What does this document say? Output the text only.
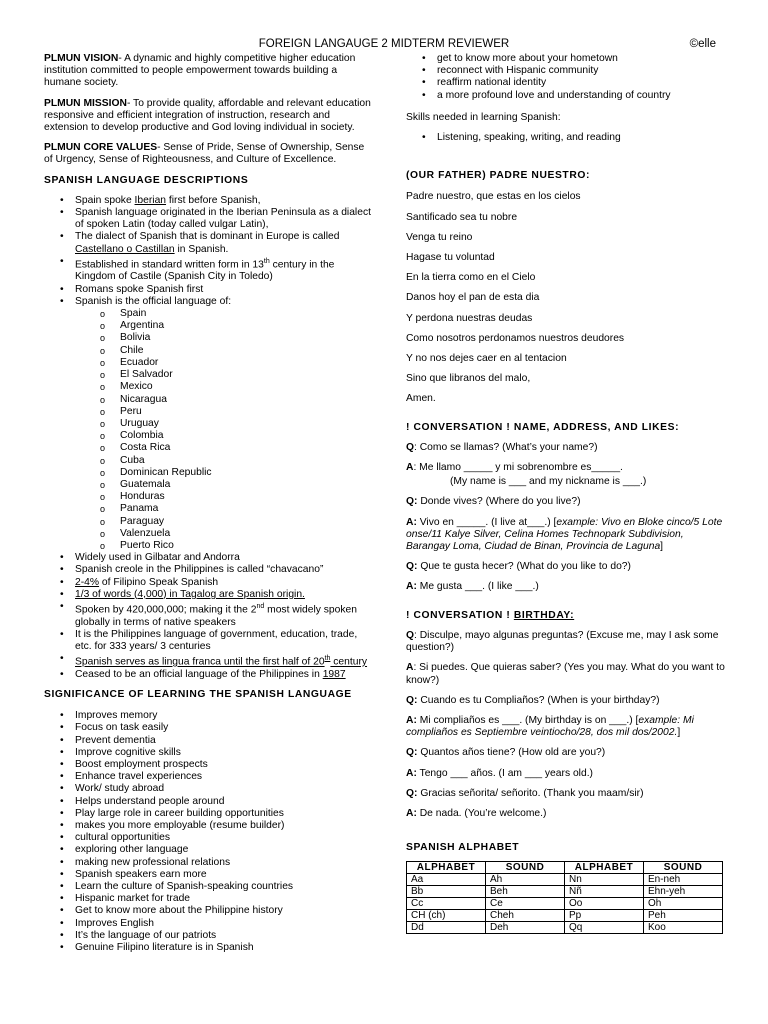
FOREIGN LANGAUGE 2 MIDTERM REVIEWER	©elle
PLMUN VISION- A dynamic and highly competitive higher education institution committed to people empowerment towards building a humane society.
PLMUN MISSION- To provide quality, affordable and relevant education responsive and efficient integration of instruction, research and extension to develop productive and God loving individual in society.
PLMUN CORE VALUES- Sense of Pride, Sense of Ownership, Sense of Urgency, Sense of Righteousness, and Culture of Excellence.
SPANISH LANGUAGE DESCRIPTIONS
• Spain spoke Iberian first before Spanish,
• Spanish language originated in the Iberian Peninsula as a dialect of spoken Latin (today called vulgar Latin),
• The dialect of Spanish that is dominant in Europe is called Castellano o Castillan in Spanish.
• Established in standard written form in 13th century in the Kingdom of Castile (Spanish City in Toledo)
• Romans spoke Spanish first
• Spanish is the official language of:
o Spain
o Argentina
o Bolivia
o Chile
o Ecuador
o El Salvador
o Mexico
o Nicaragua
o Peru
o Uruguay
o Colombia
o Costa Rica
o Cuba
o Dominican Republic
o Guatemala
o Honduras
o Panama
o Paraguay
o Valenzuela
o Puerto Rico
• Widely used in Gilbatar and Andorra
• Spanish creole in the Philippines is called “chavacano”
• 2-4% of Filipino Speak Spanish
• 1/3 of words (4,000) in Tagalog are Spanish origin.
• Spoken by 420,000,000; making it the 2nd most widely spoken globally in terms of native speakers
• It is the Philippines language of government, education, trade, etc. for 333 years/ 3 centuries
• Spanish serves as lingua franca until the first half of 20th century
• Ceased to be an official language of the Philippines in 1987
SIGNIFICANCE OF LEARNING THE SPANISH LANGUAGE
• Improves memory
• Focus on task easily
• Prevent dementia
• Improve cognitive skills
• Boost employment prospects
• Enhance travel experiences
• Work/ study abroad
• Helps understand people around
• Play large role in career building opportunities
• makes you more employable (resume builder)
• cultural opportunities
• exploring other language
• making new professional relations
• Spanish speakers earn more
• Learn the culture of Spanish-speaking countries
• Hispanic market for trade
• Get to know more about the Philippine history
• Improves English
• It’s the language of our patriots
• Genuine Filipino literature is in Spanish
• get to know more about your hometown
• reconnect with Hispanic community
• reaffirm national identity
• a more profound love and understanding of country

Skills needed in learning Spanish:

• Listening, speaking, writing, and reading
(OUR FATHER) PADRE NUESTRO:

Padre nuestro, que estas en los cielos

Santificado sea tu nobre

Venga tu reino

Hagase tu voluntad

En la tierra como en el Cielo

Danos hoy el pan de esta dia

Y perdona nuestras deudas

Como nosotros perdonamos nuestros deudores

Y no nos dejes caer en al tentacion

Sino que libranos del malo,

Amen.

! CONVERSATION ! NAME, ADDRESS, AND LIKES:

Q: Como se llamas? (What’s your name?)

A: Me llamo _____ y mi sobrenombre es_____.

(My name is ___ and my nickname is ___.)

Q: Donde vives? (Where do you live?)

A: Vivo en _____. (I live at___.) [example: Vivo en Bloke cinco/5 Lote onse/11 Kalye Silver, Celina Homes Technopark Subdivision, Barangay Loma, Ciudad de Binan, Provincia de Laguna]

Q: Que te gusta hecer? (What do you like to do?)

A: Me gusta ___. (I like ___.)

! CONVERSATION ! BIRTHDAY:

Q: Disculpe, mayo algunas preguntas? (Excuse me, may I ask some question?)

A: Si puedes. Que quieras saber? (Yes you may. What do you want to know?)

Q: Cuando es tu Compliaños? (When is your birthday?)

A: Mi compliaños es ___. (My birthday is on ___.) [example: Mi compliaños es Septiembre veintiocho/28, dos mil dos/2002.]

Q: Quantos años tiene? (How old are you?)

A: Tengo ___ años. (I am ___ years old.)

Q: Gracias señorita/ señorito. (Thank you maam/sir)

A: De nada. (You’re welcome.)

SPANISH ALPHABET
ALPHABET	SOUND	ALPHABET	SOUND
Aa	Ah	Nn	En-neh
Bb	Beh	Ññ	Ehn-yeh
Cc	Ce	Oo	Oh
CH (ch)	Cheh	Pp	Peh
Dd	Deh	Qq	Koo
